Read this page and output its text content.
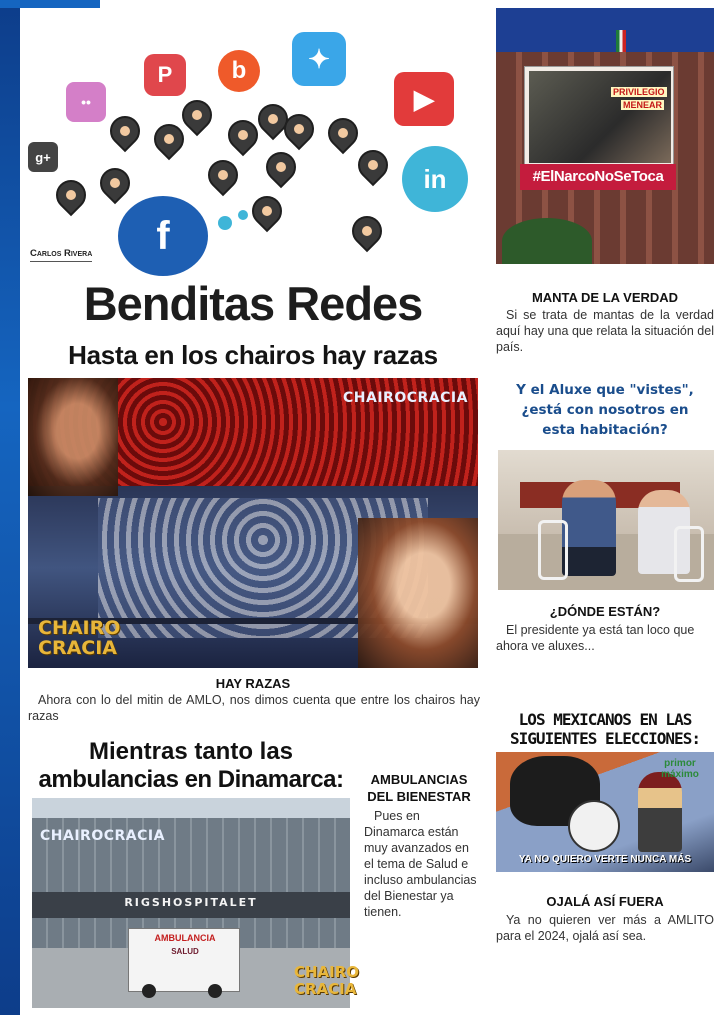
P	b	✦
••	▶
g+
in
f
Carlos Rivera
Benditas Redes
Hasta en los chairos hay razas
CHAIROCRACIA
CHAIRO
CRACIA
HAY RAZAS
Ahora con lo del mitin de AMLO, nos dimos cuenta que entre los chairos hay razas
Mientras tanto las
ambulancias en Dinamarca:
RIGSHOSPITALET
AMBULANCIA
SALUD
CHAIROCRACIA
CHAIRO
CRACIA
AMBULANCIAS
DEL BIENESTAR
Pues en Dinamarca están muy avanzados en el tema de Salud e incluso ambulancias del Bienestar ya tienen.
PRIVILEGIO
MENEAR
#ElNarcoNoSeToca
MANTA DE LA VERDAD
Si se trata de mantas de la verdad aquí hay una que relata la situación del país.
Y el Aluxe que "vistes",
¿está con nosotros en
esta habitación?
¿DÓNDE ESTÁN?
El presidente ya está tan loco que ahora ve aluxes...
LOS MEXICANOS EN LAS
SIGUIENTES ELECCIONES:
primor máximo
YA NO QUIERO VERTE NUNCA MÁS
OJALÁ ASÍ FUERA
Ya no quieren ver más a AMLITO para el 2024, ojalá así sea.
